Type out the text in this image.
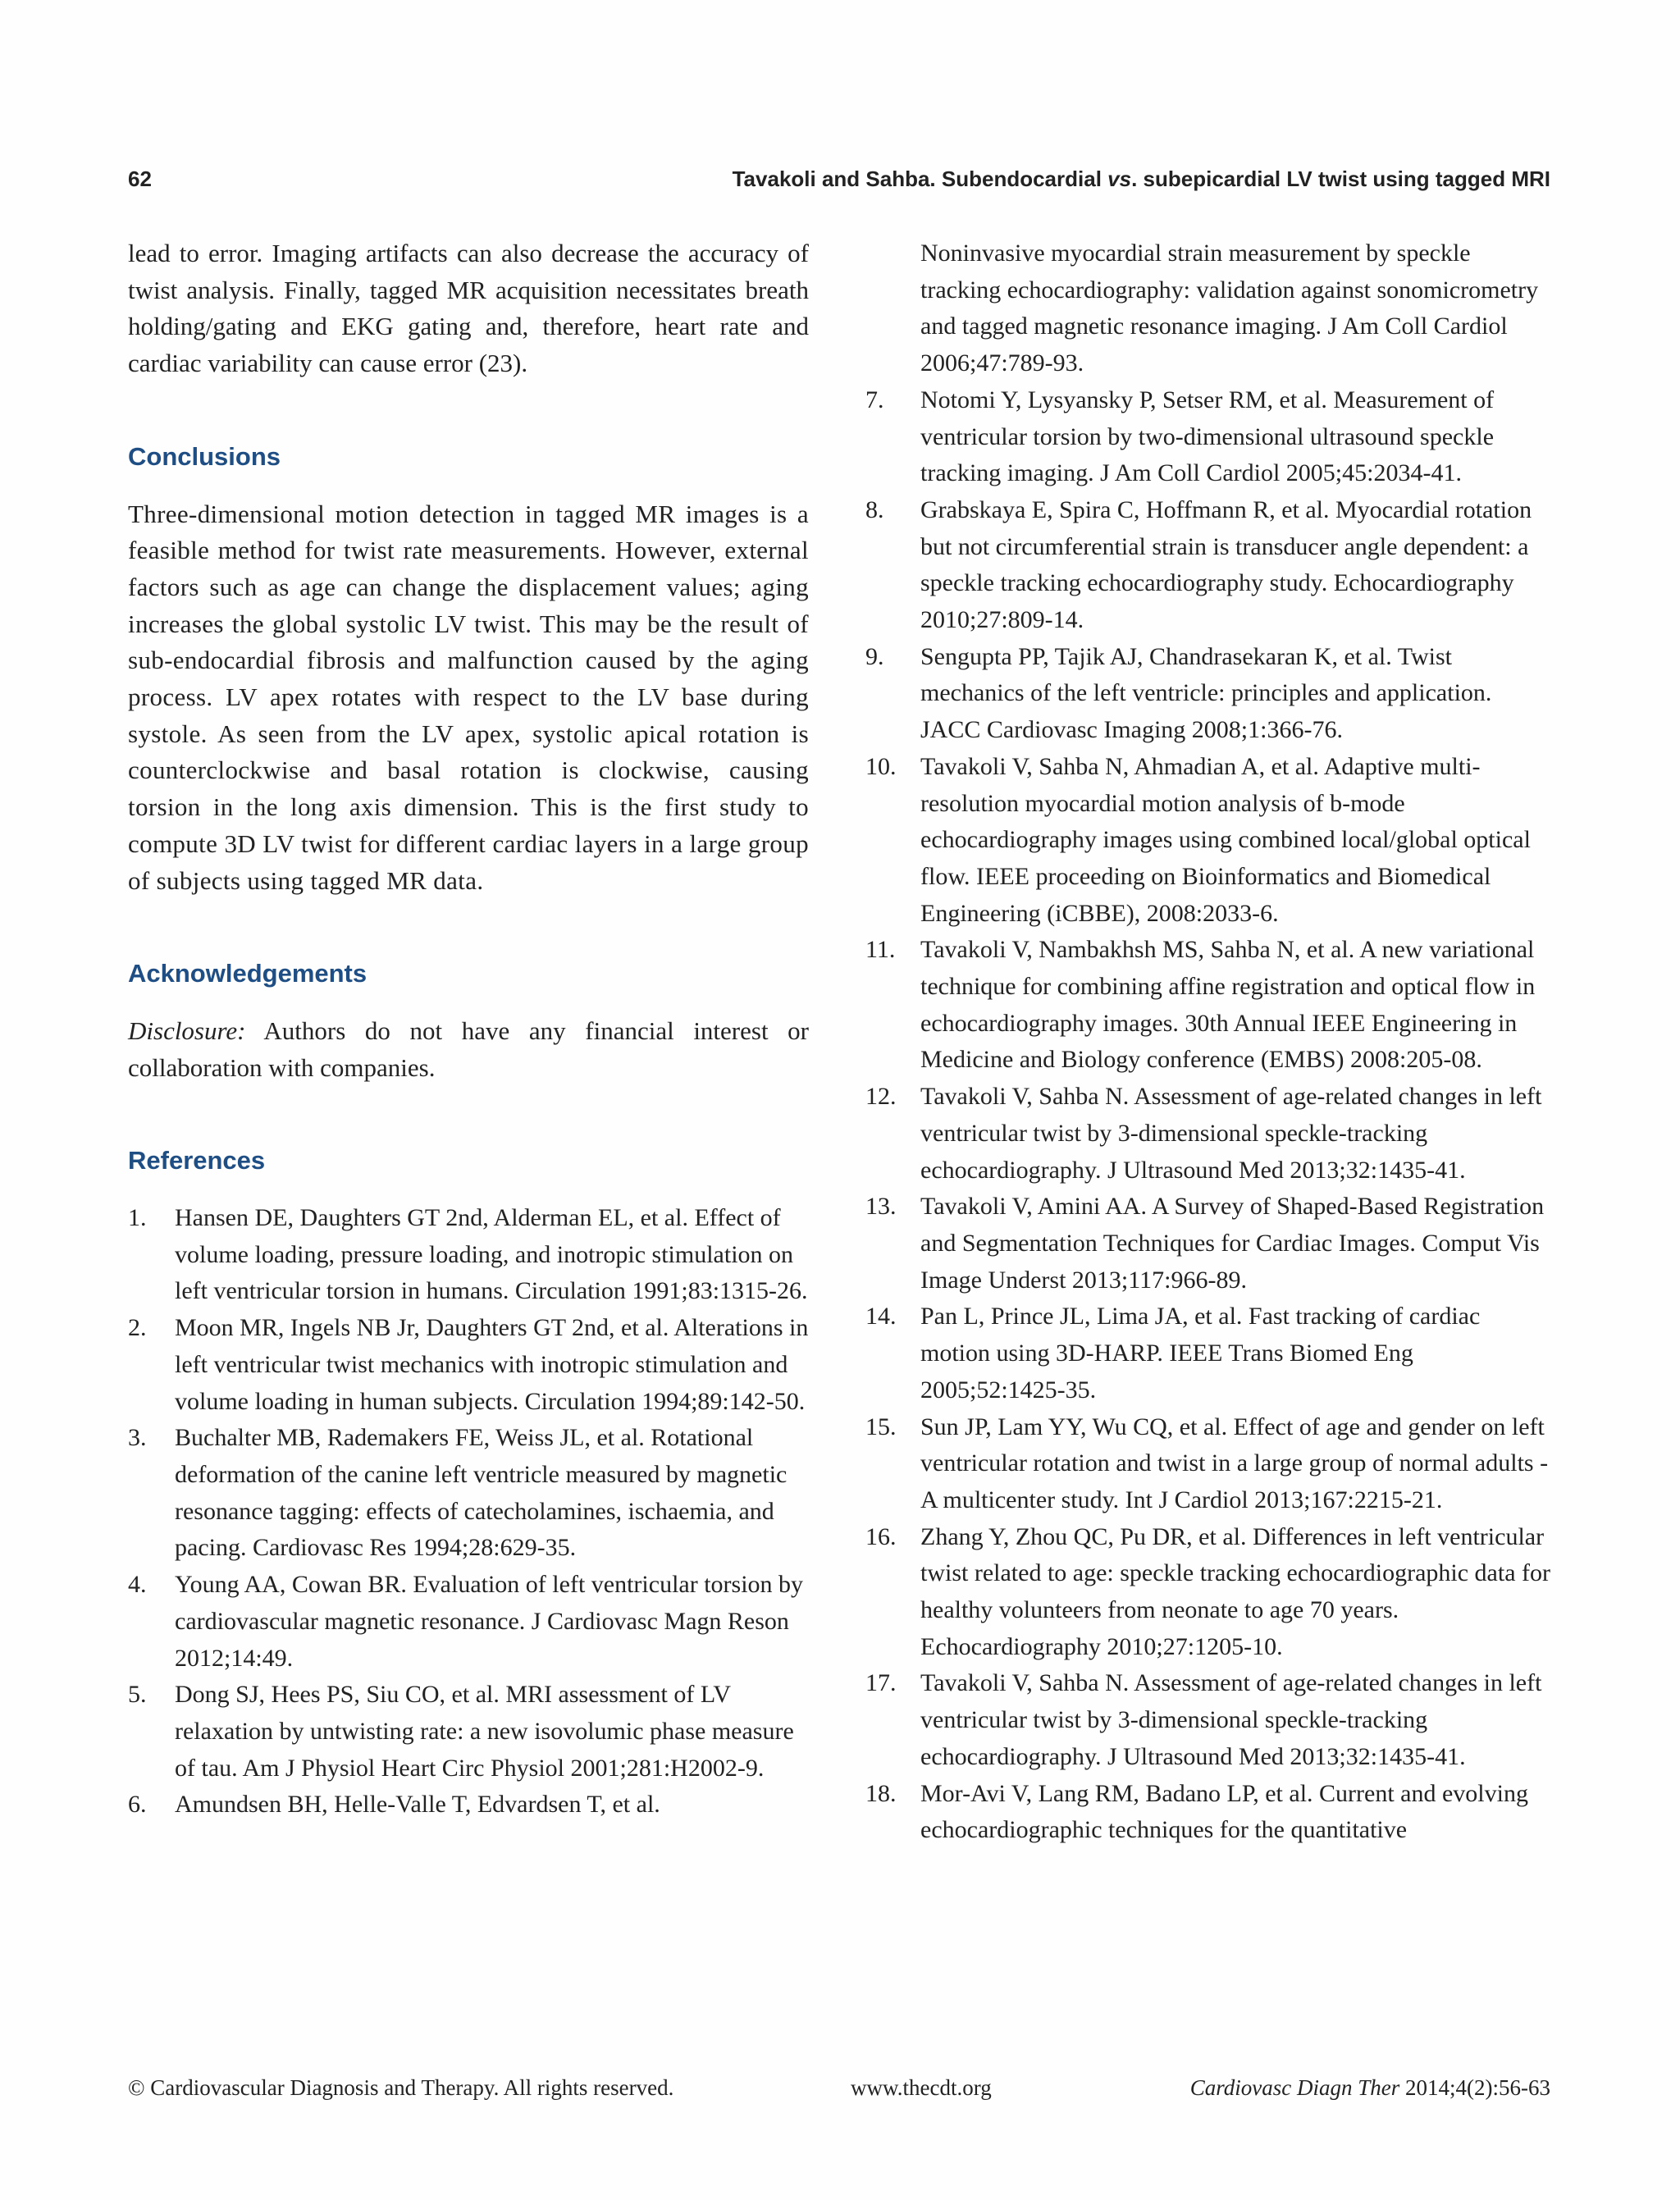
62	Tavakoli and Sahba. Subendocardial vs. subepicardial LV twist using tagged MRI

lead to error. Imaging artifacts can also decrease the accuracy of twist analysis. Finally, tagged MR acquisition necessitates breath holding/gating and EKG gating and, therefore, heart rate and cardiac variability can cause error (23).

Conclusions

Three-dimensional motion detection in tagged MR images is a feasible method for twist rate measurements. However, external factors such as age can change the displacement values; aging increases the global systolic LV twist. This may be the result of sub-endocardial fibrosis and malfunction caused by the aging process. LV apex rotates with respect to the LV base during systole. As seen from the LV apex, systolic apical rotation is counterclockwise and basal rotation is clockwise, causing torsion in the long axis dimension. This is the first study to compute 3D LV twist for different cardiac layers in a large group of subjects using tagged MR data.

Acknowledgements

Disclosure: Authors do not have any financial interest or collaboration with companies.

References
1. Hansen DE, Daughters GT 2nd, Alderman EL, et al. Effect of volume loading, pressure loading, and inotropic stimulation on left ventricular torsion in humans. Circulation 1991;83:1315-26.
2. Moon MR, Ingels NB Jr, Daughters GT 2nd, et al. Alterations in left ventricular twist mechanics with inotropic stimulation and volume loading in human subjects. Circulation 1994;89:142-50.
3. Buchalter MB, Rademakers FE, Weiss JL, et al. Rotational deformation of the canine left ventricle measured by magnetic resonance tagging: effects of catecholamines, ischaemia, and pacing. Cardiovasc Res 1994;28:629-35.
4. Young AA, Cowan BR. Evaluation of left ventricular torsion by cardiovascular magnetic resonance. J Cardiovasc Magn Reson 2012;14:49.
5. Dong SJ, Hees PS, Siu CO, et al. MRI assessment of LV relaxation by untwisting rate: a new isovolumic phase measure of tau. Am J Physiol Heart Circ Physiol 2001;281:H2002-9.
6. Amundsen BH, Helle-Valle T, Edvardsen T, et al.
Noninvasive myocardial strain measurement by speckle tracking echocardiography: validation against sonomicrometry and tagged magnetic resonance imaging. J Am Coll Cardiol 2006;47:789-93.
7. Notomi Y, Lysyansky P, Setser RM, et al. Measurement of ventricular torsion by two-dimensional ultrasound speckle tracking imaging. J Am Coll Cardiol 2005;45:2034-41.
8. Grabskaya E, Spira C, Hoffmann R, et al. Myocardial rotation but not circumferential strain is transducer angle dependent: a speckle tracking echocardiography study. Echocardiography 2010;27:809-14.
9. Sengupta PP, Tajik AJ, Chandrasekaran K, et al. Twist mechanics of the left ventricle: principles and application. JACC Cardiovasc Imaging 2008;1:366-76.
10. Tavakoli V, Sahba N, Ahmadian A, et al. Adaptive multi-resolution myocardial motion analysis of b-mode echocardiography images using combined local/global optical flow. IEEE proceeding on Bioinformatics and Biomedical Engineering (iCBBE), 2008:2033-6.
11. Tavakoli V, Nambakhsh MS, Sahba N, et al. A new variational technique for combining affine registration and optical flow in echocardiography images. 30th Annual IEEE Engineering in Medicine and Biology conference (EMBS) 2008:205-08.
12. Tavakoli V, Sahba N. Assessment of age-related changes in left ventricular twist by 3-dimensional speckle-tracking echocardiography. J Ultrasound Med 2013;32:1435-41.
13. Tavakoli V, Amini AA. A Survey of Shaped-Based Registration and Segmentation Techniques for Cardiac Images. Comput Vis Image Underst 2013;117:966-89.
14. Pan L, Prince JL, Lima JA, et al. Fast tracking of cardiac motion using 3D-HARP. IEEE Trans Biomed Eng 2005;52:1425-35.
15. Sun JP, Lam YY, Wu CQ, et al. Effect of age and gender on left ventricular rotation and twist in a large group of normal adults - A multicenter study. Int J Cardiol 2013;167:2215-21.
16. Zhang Y, Zhou QC, Pu DR, et al. Differences in left ventricular twist related to age: speckle tracking echocardiographic data for healthy volunteers from neonate to age 70 years. Echocardiography 2010;27:1205-10.
17. Tavakoli V, Sahba N. Assessment of age-related changes in left ventricular twist by 3-dimensional speckle-tracking echocardiography. J Ultrasound Med 2013;32:1435-41.
18. Mor-Avi V, Lang RM, Badano LP, et al. Current and evolving echocardiographic techniques for the quantitative
© Cardiovascular Diagnosis and Therapy. All rights reserved.	www.thecdt.org	Cardiovasc Diagn Ther 2014;4(2):56-63
